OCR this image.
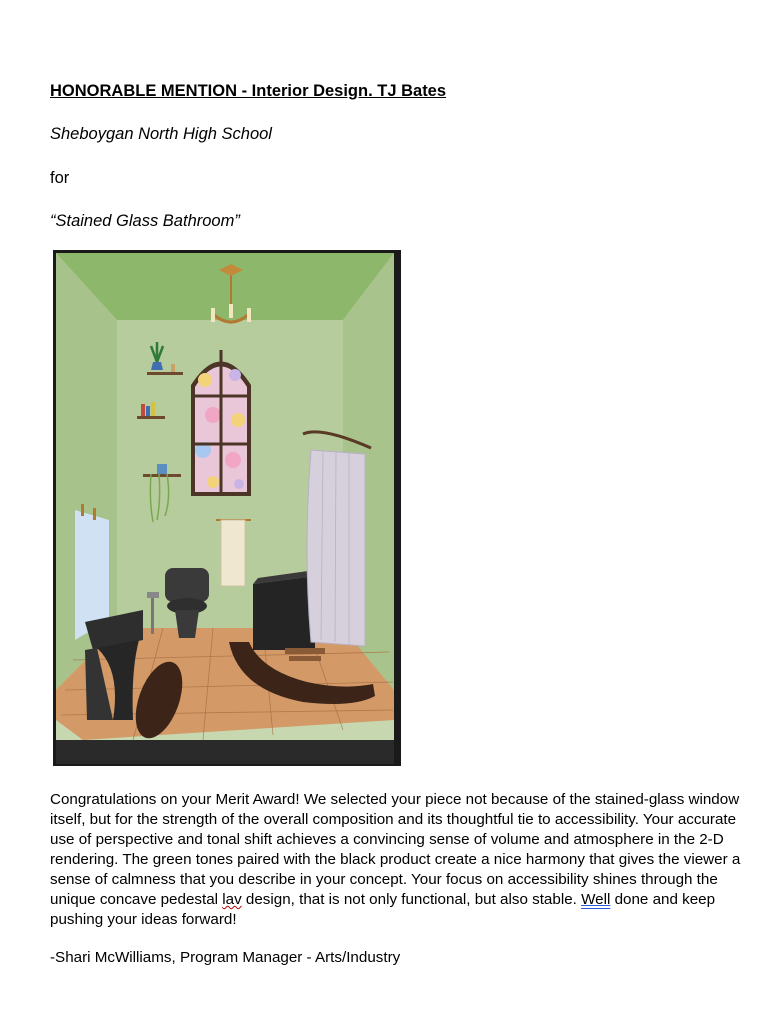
HONORABLE MENTION - Interior Design. TJ Bates
Sheboygan North High School
for
“Stained Glass Bathroom”

Congratulations on your Merit Award! We selected your piece not because of the stained-glass window itself, but for the strength of the overall composition and its thoughtful tie to accessibility. Your accurate use of perspective and tonal shift achieves a convincing sense of volume and atmosphere in the 2-D rendering. The green tones paired with the black product create a nice harmony that gives the viewer a sense of calmness that you describe in your concept. Your focus on accessibility shines through the unique concave pedestal lav design, that is not only functional, but also stable. Well done and keep pushing your ideas forward!

-Shari McWilliams, Program Manager - Arts/Industry
